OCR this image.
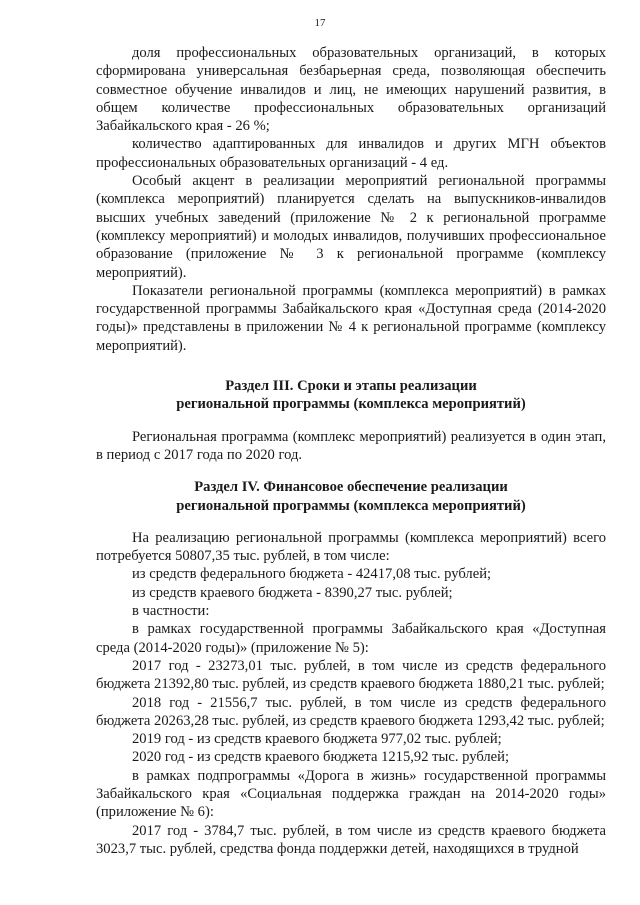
17

доля профессиональных образовательных организаций, в которых сформирована универсальная безбарьерная среда, позволяющая обеспечить совместное обучение инвалидов и лиц, не имеющих нарушений развития, в общем количестве профессиональных образовательных организаций Забайкальского края - 26 %;

количество адаптированных для инвалидов и других МГН объектов профессиональных образовательных организаций - 4 ед.

Особый акцент в реализации мероприятий региональной программы (комплекса мероприятий) планируется сделать на выпускников-инвалидов высших учебных заведений (приложение № 2 к региональной программе (комплексу мероприятий) и молодых инвалидов, получивших профессиональное образование (приложение № 3 к региональной программе (комплексу мероприятий).

Показатели региональной программы (комплекса мероприятий) в рамках государственной программы Забайкальского края «Доступная среда (2014-2020 годы)» представлены в приложении № 4 к региональной программе (комплексу мероприятий).

Раздел III. Сроки и этапы реализации

региональной программы (комплекса мероприятий)

Региональная программа (комплекс мероприятий) реализуется в один этап, в период с 2017 года по 2020 год.

Раздел IV. Финансовое обеспечение реализации

региональной программы (комплекса мероприятий)

На реализацию региональной программы (комплекса мероприятий) всего потребуется 50807,35 тыс. рублей, в том числе:

из средств федерального бюджета - 42417,08 тыс. рублей;

из средств краевого бюджета - 8390,27 тыс. рублей;

в частности:

в рамках государственной программы Забайкальского края «Доступная среда (2014-2020 годы)» (приложение № 5):

2017 год - 23273,01 тыс. рублей, в том числе из средств федерального бюджета 21392,80 тыс. рублей, из средств краевого бюджета 1880,21 тыс. рублей;

2018 год - 21556,7 тыс. рублей, в том числе из средств федерального бюджета 20263,28 тыс. рублей, из средств краевого бюджета 1293,42 тыс. рублей;

2019 год - из средств краевого бюджета 977,02 тыс. рублей;

2020 год - из средств краевого бюджета 1215,92 тыс. рублей;

в рамках подпрограммы «Дорога в жизнь» государственной программы Забайкальского края «Социальная поддержка граждан на 2014-2020 годы» (приложение № 6):

2017 год - 3784,7 тыс. рублей, в том числе из средств краевого бюджета 3023,7 тыс. рублей, средства фонда поддержки детей, находящихся в трудной
